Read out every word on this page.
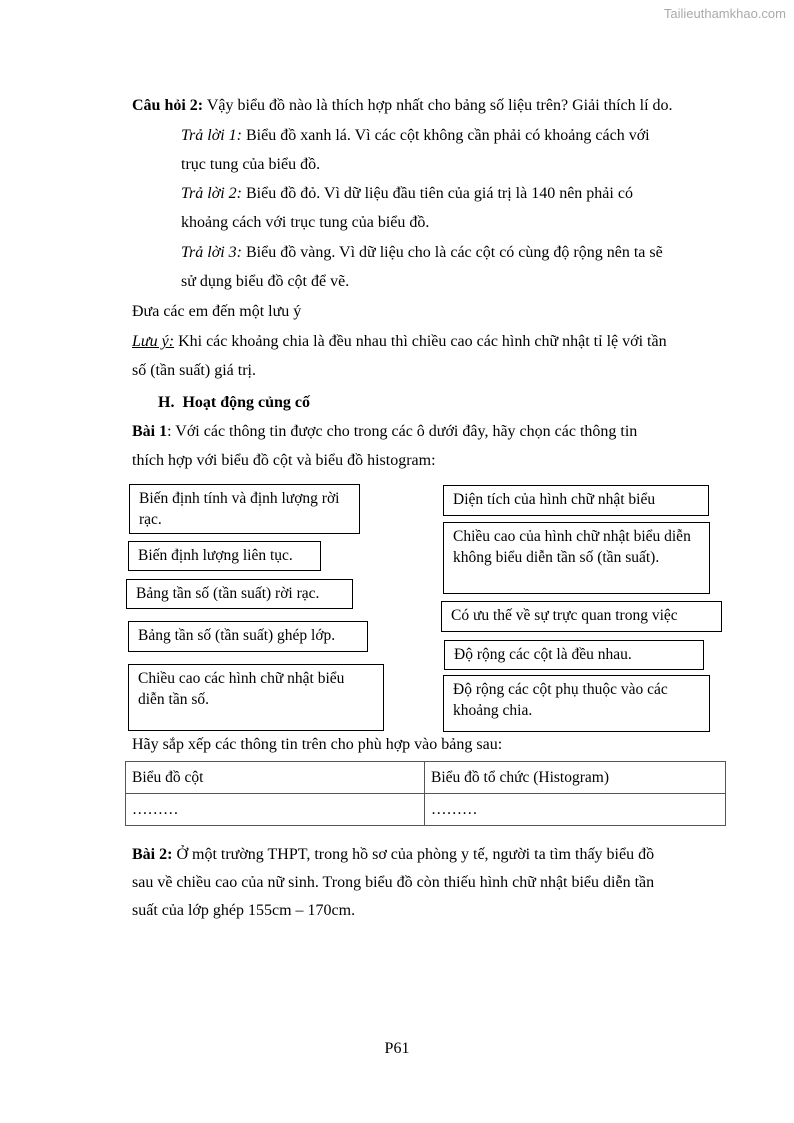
Tailieuthamkhao.com
Câu hỏi 2: Vậy biểu đồ nào là thích hợp nhất cho bảng số liệu trên? Giải thích lí do.
Trả lời 1: Biểu đồ xanh lá. Vì các cột không cần phải có khoảng cách với
trục tung của biểu đồ.
Trả lời 2: Biểu đồ đỏ. Vì dữ liệu đầu tiên của giá trị là 140 nên phải có
khoảng cách với trục tung của biểu đồ.
Trả lời 3: Biểu đồ vàng. Vì dữ liệu cho là các cột có cùng độ rộng nên ta sẽ
sử dụng biểu đồ cột để vẽ.
Đưa các em đến một lưu ý
Lưu ý: Khi các khoảng chia là đều nhau thì chiều cao các hình chữ nhật tỉ lệ với tần
số (tần suất) giá trị.
H. Hoạt động củng cố
Bài 1: Với các thông tin được cho trong các ô dưới đây, hãy chọn các thông tin
thích hợp với biểu đồ cột và biểu đồ histogram:
Biến định tính và định lượng rời rạc.
Biến định lượng liên tục.
Bảng tần số (tần suất) rời rạc.
Bảng tần số (tần suất) ghép lớp.
Chiều cao các hình chữ nhật biểu diễn tần số.
Diện tích của hình chữ nhật biểu
Chiều cao của hình chữ nhật biểu diễn không biểu diễn tần số (tần suất).
Có ưu thế về sự trực quan trong việc
Độ rộng các cột là đều nhau.
Độ rộng các cột phụ thuộc vào các khoảng chia.
Hãy sắp xếp các thông tin trên cho phù hợp vào bảng sau:
Biểu đồ cột	Biểu đồ tổ chức (Histogram)
………	………
Bài 2: Ở một trường THPT, trong hồ sơ của phòng y tế, người ta tìm thấy biểu đồ
sau về chiều cao của nữ sinh. Trong biểu đồ còn thiếu hình chữ nhật biểu diễn tần
suất của lớp ghép 155cm – 170cm.
P61
